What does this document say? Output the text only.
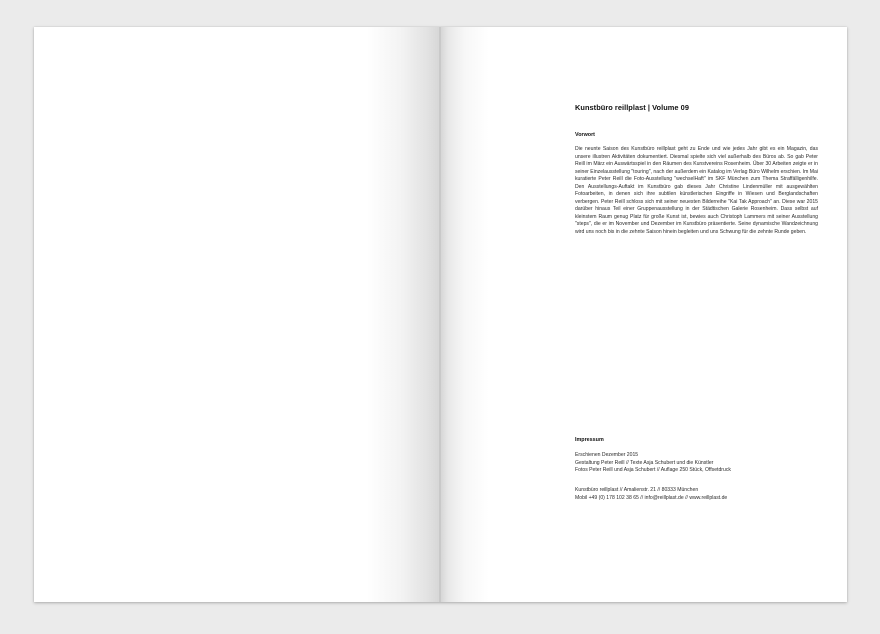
Kunstbüro reillplast | Volume 09
Vorwort
Die neunte Saison des Kunstbüro reillplast geht zu Ende und wie jedes Jahr gibt es ein Magazin, das unsere illustren Aktivitäten dokumentiert. Diesmal spielte sich viel außerhalb des Büros ab. So gab Peter Reill im März ein Auswärtsspiel in den Räumen des Kunstvereins Rosenheim. Über 30 Arbeiten zeigte er in seiner Einzelausstellung "touring", nach der außerdem ein Katalog im Verlag Büro Wilhelm erschien. Im Mai kuratierte Peter Reill die Foto-Ausstellung "wechselHaft" im SKF München zum Thema Straffälligenhilfe. Den Ausstellungs-Auftakt im Kunstbüro gab dieses Jahr Christine Lindenmüller mit ausgewählten Fotoarbeiten, in denen sich ihre subtilen künstlerischen Eingriffe in Wiesen und Berglandschaften verbergen. Peter Reill schloss sich mit seiner neuesten Bilderreihe "Kai Tak Approach" an. Diese war 2015 darüber hinaus Teil einer Gruppenausstellung in der Städtischen Galerie Rosenheim. Dass selbst auf kleinstem Raum genug Platz für große Kunst ist, bewies auch Christoph Lammers mit seiner Ausstellung "steps", die er im November und Dezember im Kunstbüro präsentierte. Seine dynamische Wandzeichnung wird uns noch bis in die zehnte Saison hinein begleiten und uns Schwung für die zehnte Runde geben.
Impressum
Erschienen Dezember 2015
Gestaltung Peter Reill // Texte Asja Schubert und die Künstler
Fotos Peter Reill und Asja Schubert // Auflage 250 Stück, Offsetdruck
Kunstbüro reillplast // Amalienstr. 21 // 80333 München
Mobil +49 (0) 178 102 38 65 // info@reillplast.de // www.reillplast.de
